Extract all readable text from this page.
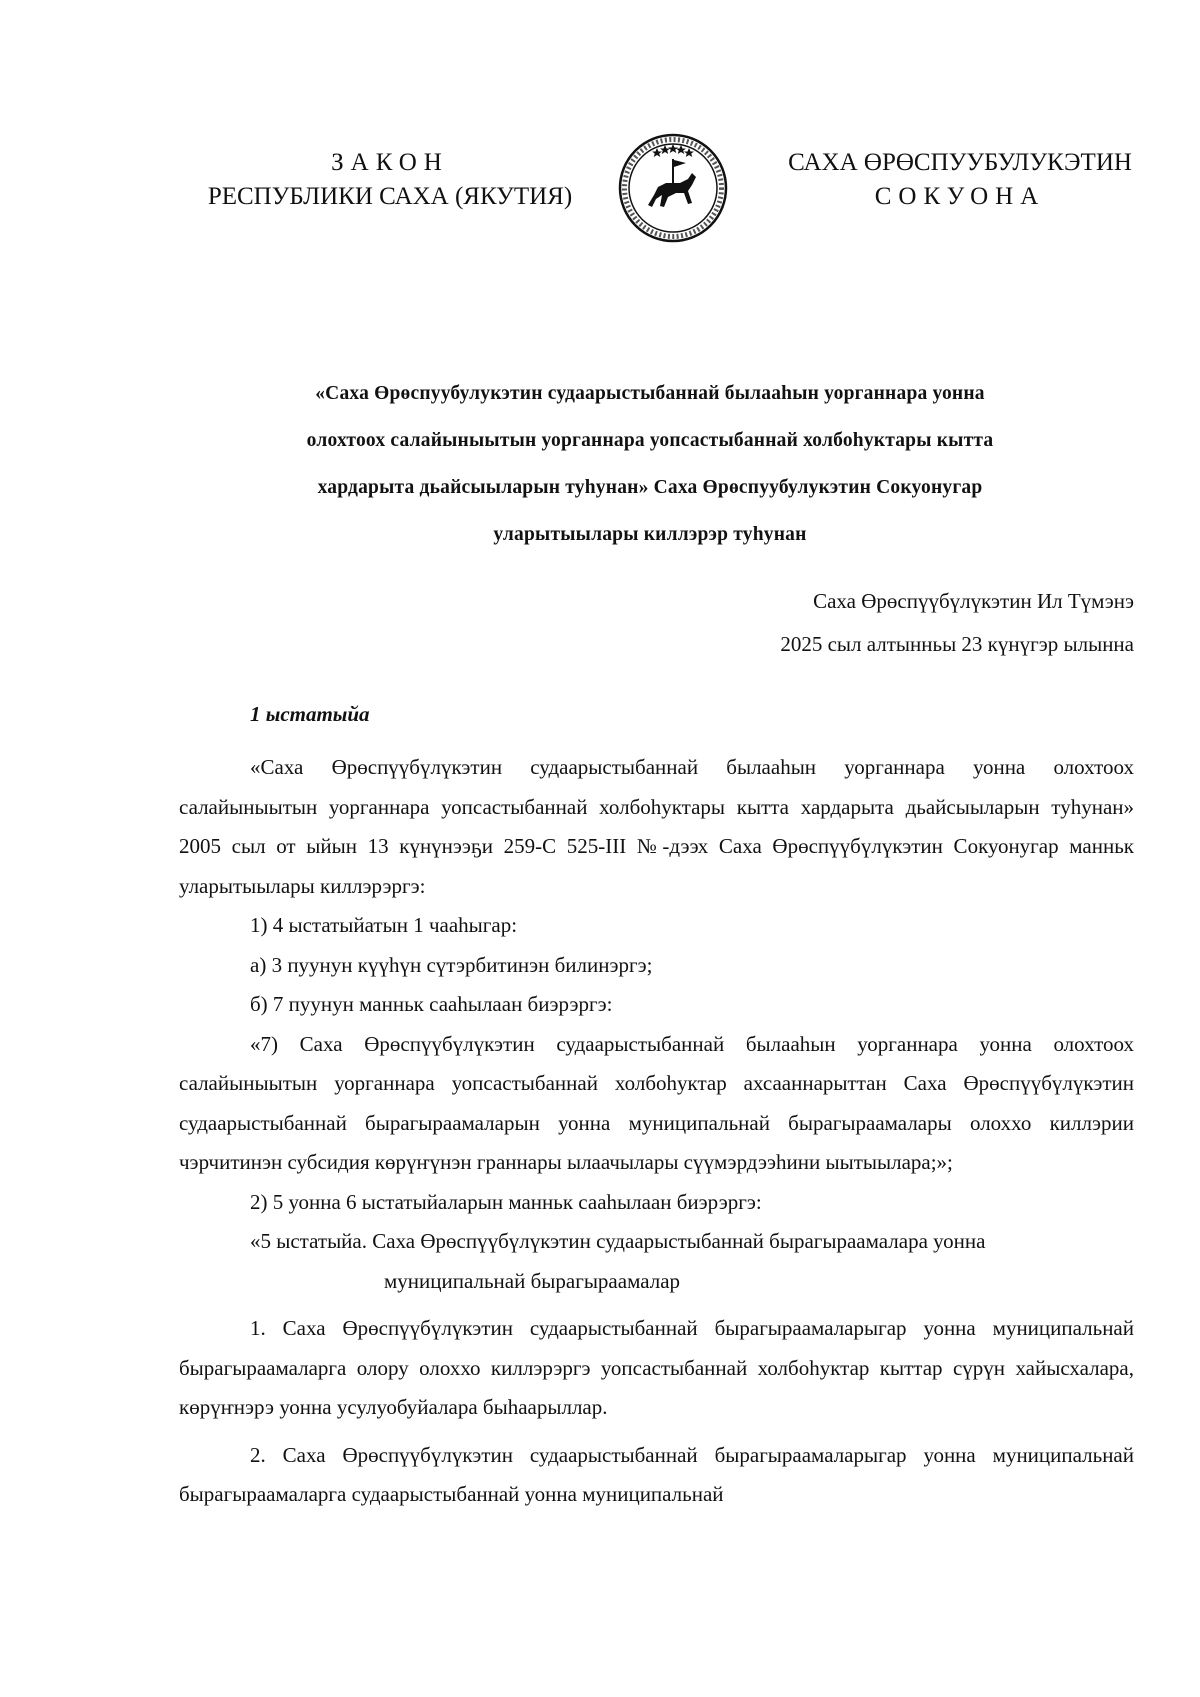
ЗАКОН
РЕСПУБЛИКИ САХА (ЯКУТИЯ)
САХА ӨРӨСПУУБУЛУКЭТИН
СОКУОНА
«Саха Өрөспуубулукэтин судаарыстыбаннай былааһын уорганнара уонна
олохтоох салайыныытын уорганнара уопсастыбаннай холбоһуктары кытта
хардарыта дьайсыыларын туһунан» Саха Өрөспуубулукэтин Сокуонугар
уларытыылары киллэрэр туһунан
Саха Өрөспүүбүлүкэтин Ил Түмэнэ
2025 сыл алтынньы 23 күнүгэр ылынна
1 ыстатыйа

«Саха Өрөспүүбүлүкэтин судаарыстыбаннай былааһын уорганнара уонна олохтоох салайыныытын уорганнара уопсастыбаннай холбоһуктары кытта хардарыта дьайсыыларын туһунан» 2005 сыл от ыйын 13 күнүнээҕи 259-С 525-III №-дээх Саха Өрөспүүбүлүкэтин Сокуонугар манньк уларытыылары киллэрэргэ:

1) 4 ыстатыйатын 1 чааһыгар:

а) 3 пуунун күүһүн сүтэрбитинэн билинэргэ;

б) 7 пуунун манньк сааһылаан биэрэргэ:

«7) Саха Өрөспүүбүлүкэтин судаарыстыбаннай былааһын уорганнара уонна олохтоох салайыныытын уорганнара уопсастыбаннай холбоһуктар ахсааннарыттан Саха Өрөспүүбүлүкэтин судаарыстыбаннай бырагыраамаларын уонна муниципальнай бырагыраамалары олоххо киллэрии чэрчитинэн субсидия көрүҥүнэн граннары ылаачылары сүүмэрдээһини ыытыылара;»;

2) 5 уонна 6 ыстатыйаларын манньк сааһылаан биэрэргэ:

«5 ыстатыйа. Саха Өрөспүүбүлүкэтин судаарыстыбаннай бырагыраамалара уонна

муниципальнай бырагыраамалар

1. Саха Өрөспүүбүлүкэтин судаарыстыбаннай бырагыраамаларыгар уонна муниципальнай бырагыраамаларга олору олоххо киллэрэргэ уопсастыбаннай холбоһуктар кыттар сүрүн хайысхалара, көрүҥнэрэ уонна усулуобуйалара быһаарыллар.

2. Саха Өрөспүүбүлүкэтин судаарыстыбаннай бырагыраамаларыгар уонна муниципальнай бырагыраамаларга судаарыстыбаннай уонна муниципальнай
